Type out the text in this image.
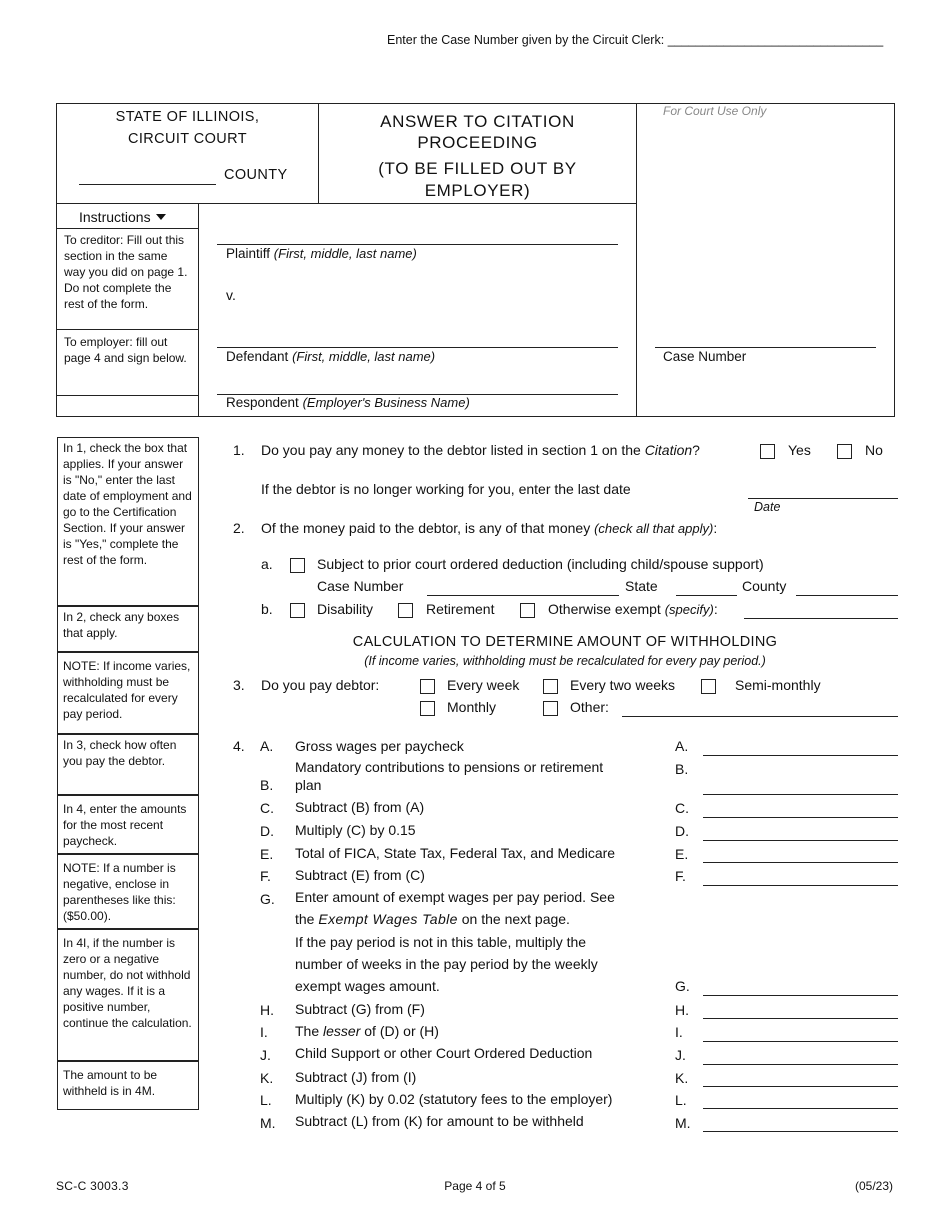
Enter the Case Number given by the Circuit Clerk: _______________________________
STATE OF ILLINOIS,
CIRCUIT COURT
COUNTY
ANSWER TO CITATION
PROCEEDING
(TO BE FILLED OUT BY
EMPLOYER)
For Court Use Only
Instructions
To creditor: Fill out this section in the same way you did on page 1. Do not complete the rest of the form.
To employer: fill out page 4 and sign below.
Plaintiff (First, middle, last name)
v.
Defendant (First, middle, last name)
Respondent (Employer's Business Name)
Case Number
In 1, check the box that applies. If your answer is "No," enter the last date of employment and go to the Certification Section. If your answer is "Yes," complete the rest of the form.
In 2, check any boxes that apply.
NOTE: If income varies, withholding must be recalculated for every pay period.
In 3, check how often you pay the debtor.
In 4, enter the amounts for the most recent paycheck.
NOTE: If a number is negative, enclose in parentheses like this: ($50.00).
In 4I, if the number is zero or a negative number, do not withhold any wages. If it is a positive number, continue the calculation.
The amount to be withheld is in 4M.
1. Do you pay any money to the debtor listed in section 1 on the Citation?	Yes	No
If the debtor is no longer working for you, enter the last date
Date
2. Of the money paid to the debtor, is any of that money (check all that apply):
a.	Subject to prior court ordered deduction (including child/spouse support)
Case Number	State	County
b.	Disability	Retirement	Otherwise exempt (specify):
CALCULATION TO DETERMINE AMOUNT OF WITHHOLDING
(If income varies, withholding must be recalculated for every pay period.)
3. Do you pay debtor:	Every week	Every two weeks	Semi-monthly
Monthly	Other:
4. A. Gross wages per paycheck	A.
Mandatory contributions to pensions or retirement
B. plan
B.
C. Subtract (B) from (A)	C.
D. Multiply (C) by 0.15	D.
E. Total of FICA, State Tax, Federal Tax, and Medicare	E.
F. Subtract (E) from (C)	F.
G. Enter amount of exempt wages per pay period. See
the Exempt Wages Table on the next page.
If the pay period is not in this table, multiply the
number of weeks in the pay period by the weekly
exempt wages amount.	G.
H. Subtract (G) from (F)	H.
I. The lesser of (D) or (H)	I.
J. Child Support or other Court Ordered Deduction	J.
K. Subtract (J) from (I)	K.
L. Multiply (K) by 0.02 (statutory fees to the employer)	L.
M. Subtract (L) from (K) for amount to be withheld	M.
SC-C 3003.3	Page 4 of 5	(05/23)
